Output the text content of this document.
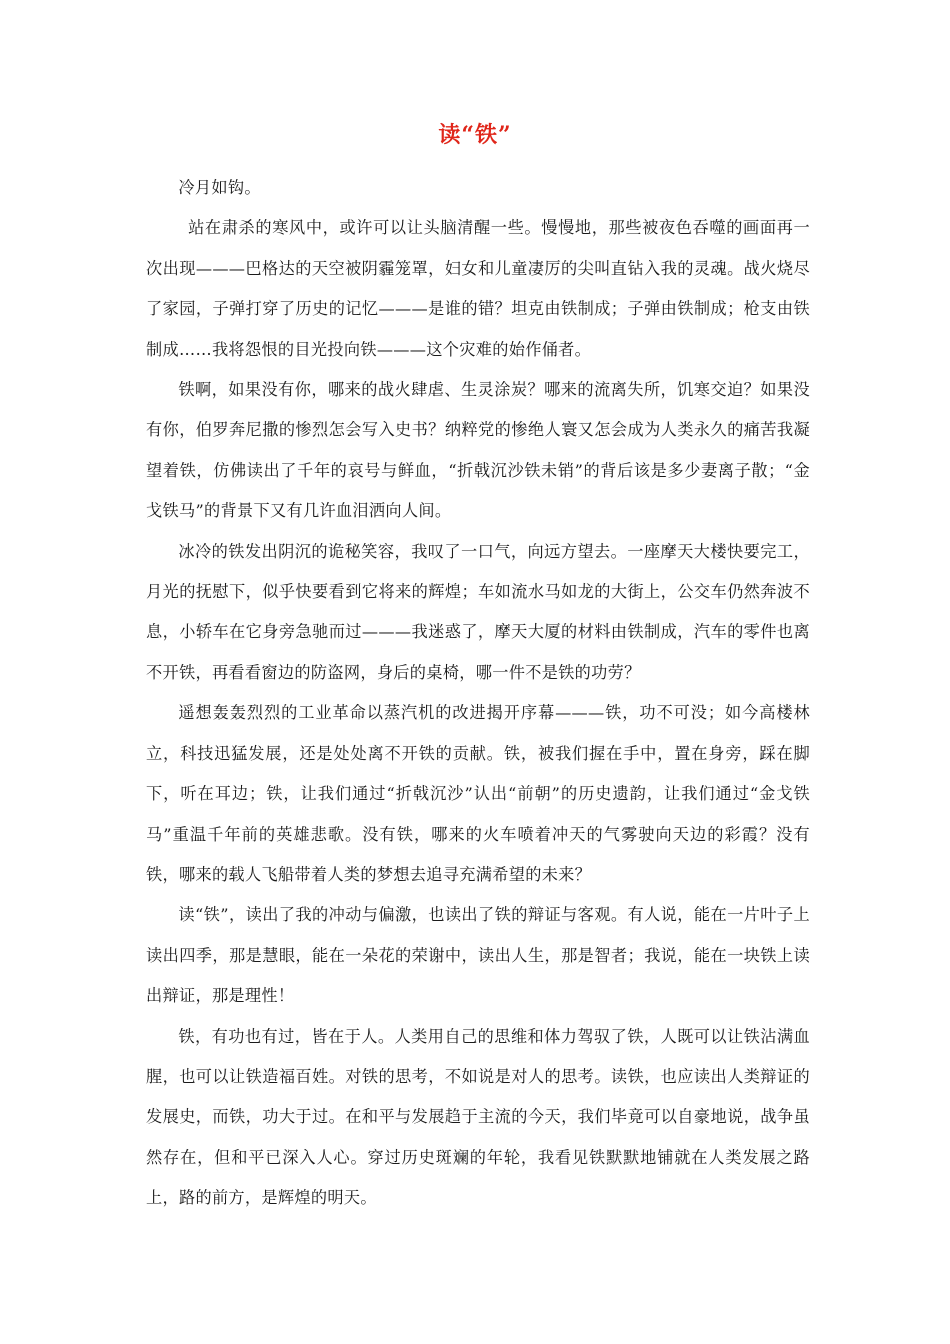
读“铁”

冷月如钩。

站在肃杀的寒风中，或许可以让头脑清醒一些。慢慢地，那些被夜色吞噬的画面再一次出现———巴格达的天空被阴霾笼罩，妇女和儿童凄厉的尖叫直钻入我的灵魂。战火烧尽了家园，子弹打穿了历史的记忆———是谁的错？坦克由铁制成；子弹由铁制成；枪支由铁制成……我将怨恨的目光投向铁———这个灾难的始作俑者。

铁啊，如果没有你，哪来的战火肆虐、生灵涂炭？哪来的流离失所，饥寒交迫？如果没有你，伯罗奔尼撒的惨烈怎会写入史书？纳粹党的惨绝人寰又怎会成为人类永久的痛苦我凝望着铁，仿佛读出了千年的哀号与鲜血，“折戟沉沙铁未销”的背后该是多少妻离子散；“金戈铁马”的背景下又有几许血泪洒向人间。

冰冷的铁发出阴沉的诡秘笑容，我叹了一口气，向远方望去。一座摩天大楼快要完工，月光的抚慰下，似乎快要看到它将来的辉煌；车如流水马如龙的大街上，公交车仍然奔波不息，小轿车在它身旁急驰而过———我迷惑了，摩天大厦的材料由铁制成，汽车的零件也离不开铁，再看看窗边的防盗网，身后的桌椅，哪一件不是铁的功劳？

遥想轰轰烈烈的工业革命以蒸汽机的改进揭开序幕———铁，功不可没；如今高楼林立，科技迅猛发展，还是处处离不开铁的贡献。铁，被我们握在手中，置在身旁，踩在脚下，听在耳边；铁，让我们通过“折戟沉沙”认出“前朝”的历史遗韵，让我们通过“金戈铁马”重温千年前的英雄悲歌。没有铁，哪来的火车喷着冲天的气雾驶向天边的彩霞？没有铁，哪来的载人飞船带着人类的梦想去追寻充满希望的未来？

读“铁”，读出了我的冲动与偏激，也读出了铁的辩证与客观。有人说，能在一片叶子上读出四季，那是慧眼，能在一朵花的荣谢中，读出人生，那是智者；我说，能在一块铁上读出辩证，那是理性！

铁，有功也有过，皆在于人。人类用自己的思维和体力驾驭了铁，人既可以让铁沾满血腥，也可以让铁造福百姓。对铁的思考，不如说是对人的思考。读铁，也应读出人类辩证的发展史，而铁，功大于过。在和平与发展趋于主流的今天，我们毕竟可以自豪地说，战争虽然存在，但和平已深入人心。穿过历史斑斓的年轮，我看见铁默默地铺就在人类发展之路上，路的前方，是辉煌的明天。
